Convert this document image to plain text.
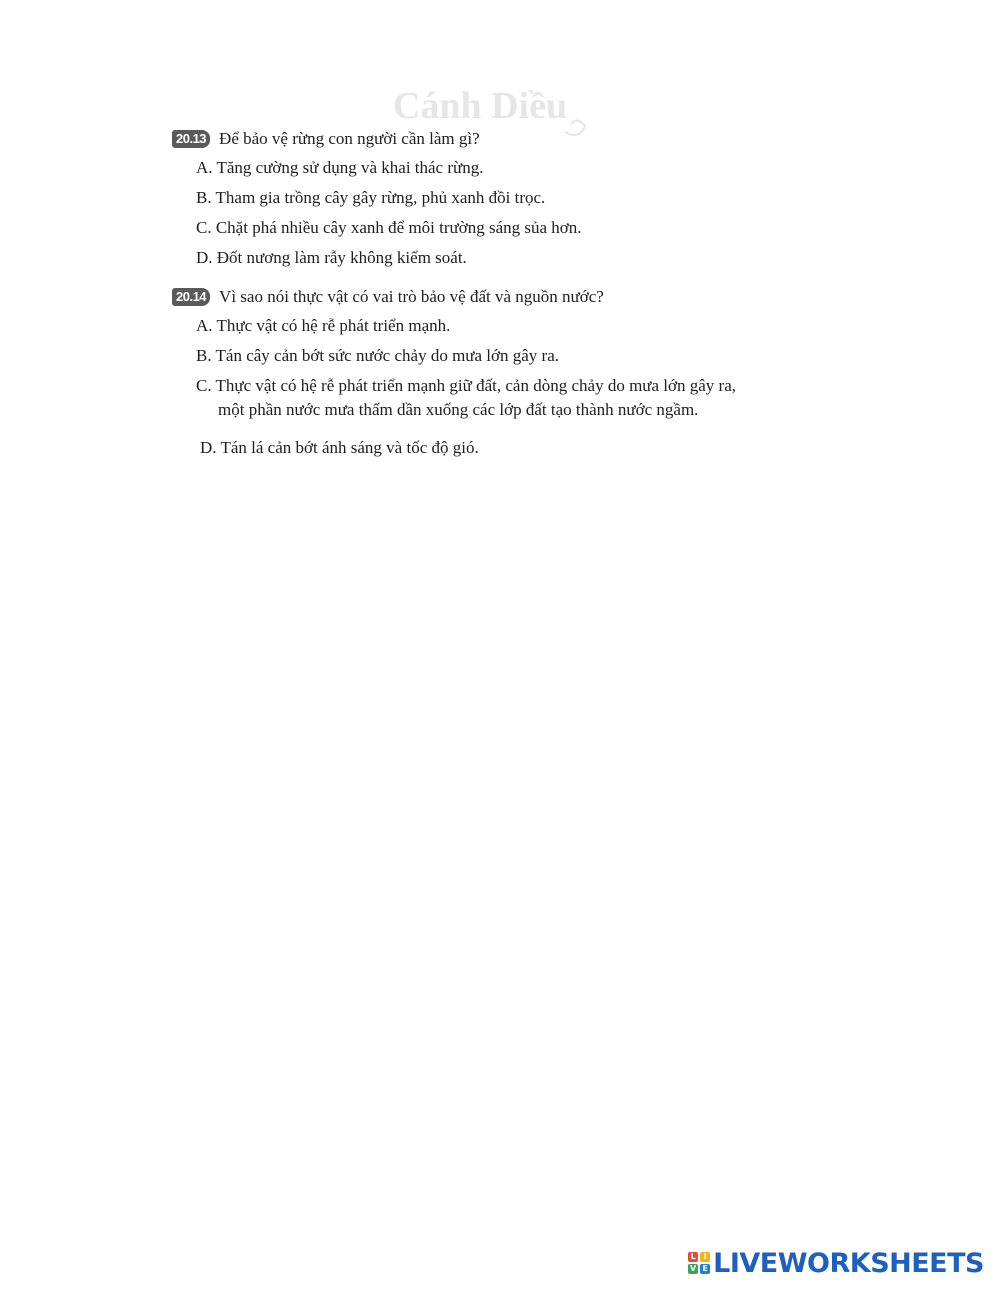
Cánh Diều
20.13 Để bảo vệ rừng con người cần làm gì?
A. Tăng cường sử dụng và khai thác rừng.
B. Tham gia trồng cây gây rừng, phủ xanh đồi trọc.
C. Chặt phá nhiều cây xanh để môi trường sáng sủa hơn.
D. Đốt nương làm rẫy không kiểm soát.
20.14 Vì sao nói thực vật có vai trò bảo vệ đất và nguồn nước?
A. Thực vật có hệ rễ phát triển mạnh.
B. Tán cây cản bớt sức nước chảy do mưa lớn gây ra.
C. Thực vật có hệ rễ phát triển mạnh giữ đất, cản dòng chảy do mưa lớn gây ra,
một phần nước mưa thấm dần xuống các lớp đất tạo thành nước ngầm.
D. Tán lá cản bớt ánh sáng và tốc độ gió.
L I
V E LIVEWORKSHEETS
